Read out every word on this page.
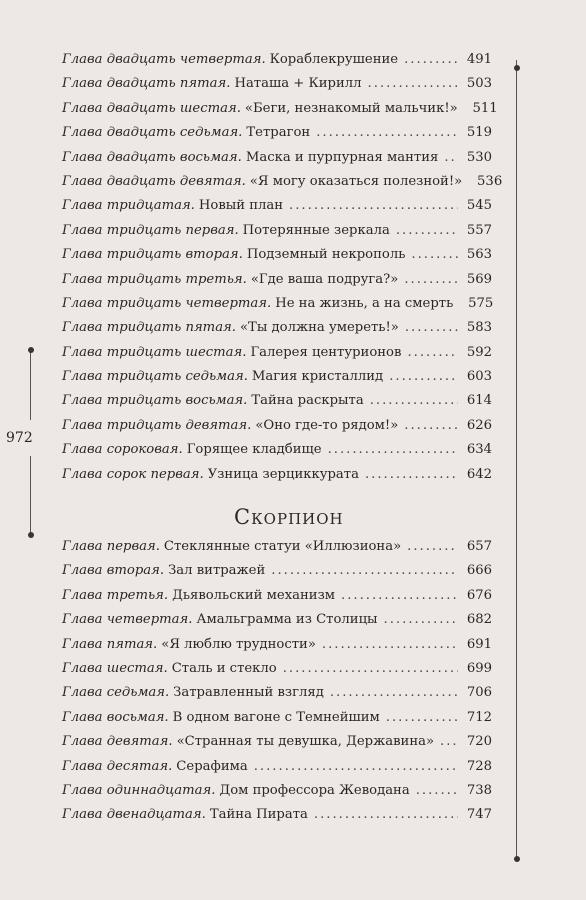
972
Глава двадцать четвертая. Кораблекрушение .....	491
Глава двадцать пятая. Наташа + Кирилл .....	503
Глава двадцать шестая. «Беги, незнакомый мальчик!» 511
Глава двадцать седьмая. Тетрагон .....	519
Глава двадцать восьмая. Маска и пурпурная мантия ..... 530
Глава двадцать девятая. «Я могу оказаться полезной!» 536
Глава тридцатая. Новый план .....	545
Глава тридцать первая. Потерянные зеркала .....	557
Глава тридцать вторая. Подземный некрополь .....	563
Глава тридцать третья. «Где ваша подруга?» .....	569
Глава тридцать четвертая. Не на жизнь, а на смерть 575
Глава тридцать пятая. «Ты должна умереть!» .....	583
Глава тридцать шестая. Галерея центурионов .....	592
Глава тридцать седьмая. Магия кристаллид .....	603
Глава тридцать восьмая. Тайна раскрыта .....	614
Глава тридцать девятая. «Оно где-то рядом!» .....	626
Глава сороковая. Горящее кладбище .....	634
Глава сорок первая. Узница зерциккурата .....	642
Скорпион
Глава первая. Стеклянные статуи «Иллюзиона» .....	657
Глава вторая. Зал витражей .....	666
Глава третья. Дьявольский механизм .....	676
Глава четвертая. Амальграмма из Столицы .....	682
Глава пятая. «Я люблю трудности» .....	691
Глава шестая. Сталь и стекло .....	699
Глава седьмая. Затравленный взгляд .....	706
Глава восьмая. В одном вагоне с Темнейшим .....	712
Глава девятая. «Странная ты девушка, Державина» ..... 720
Глава десятая. Серафима .....	728
Глава одиннадцатая. Дом профессора Жеводана .....	738
Глава двенадцатая. Тайна Пирата .....	747
